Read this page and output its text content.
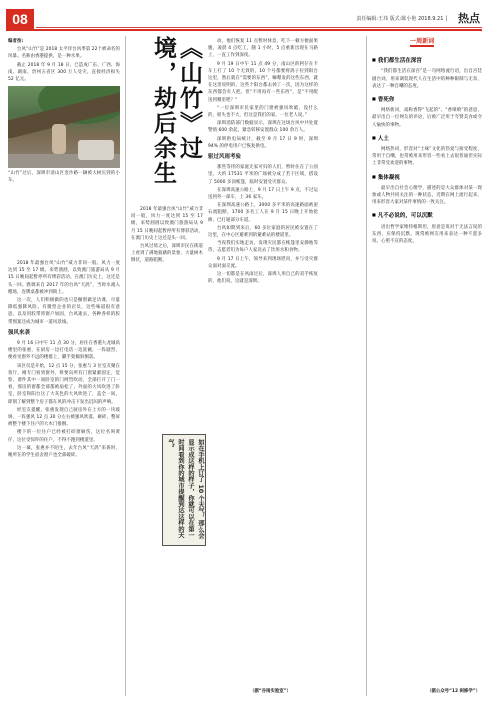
08	责任编辑:王玮 版式:陈小艳 2018.9.21 │ 热点
编者按:
台风“山竹”是 2018 太平洋台风季第 22个被命名的风暴。名称由香港提供，是一种水果。
截止 2018 年 9 月 18 日，已造成广东、广西、海南、湖南、贵州五省区 300 万人受灾，直接经济损失 52 亿元。
“山竹”过后，深圳市清山区金沙路一辆被大树压到的小车。
2018 年最强台风“山竹”威力非同一般。风力一度达到 15 至 17 级。来势汹汹，以致澳门旅游局从 9 月 15 日晚间起暂停所有博彩活动。在澳门历史上，这还是头一回。跌调来自 2017 年的台风“天鸽”，当时水淹入赌场，连牌桌都被冲到街上。
这一次，人们积极做的也只是橱窗做足功课，尽量降低强降风险。有微型企业的店员，这些味道很有意思，以及用胶带将窗户加固，台风逝去，各种各样的胶带图案还成为城市一道风景线。
强风来袭
9 月 16 日中午 11 点 30 分，居住在香港九龙城高楼里的张惠，在厨房一边打电话一边洗碗，一阵剧烈，便看见窗外不远的楼群上，脚手架倾斜倒落。
该区仅是开始，12 点 15 分，张惠与 3 位室友聚在客厅，刚专门看到窗外，将要向所有门窗紧紧固定，觉察，诸件其中一间卧室的门网烈吹动，全部打开了门一看，那房的窗都全部都被扇松了，外面的大风吹进了卧室，卧室和阳台这了大灰色的大风吹进了，盖全一间，即刻了解到整个房子都在风的冲击下发出沉闷的声响。
经室友提醒，张惠发现自己厨房外在上方的一块玻璃，一阵强风 12 点 30 分左右被强风吹落，砸碎，整屏被整个楼下住户的大木门推倒。
楼下的一位住户已经被打碎窗砸伤，这位名叫黄仔，这位受惊吓的住户，不得不跑到楼道里。
这一幕，张惠并不陌生，去年台风“天鸽”来袭时，她所在的学生宿舍窗户也全部破碎。
《山竹》过境，劫后余生
2018 年最强台风“山竹”威力非同一般，风力一度达到 15 至 17 级，来势汹汹以致澳门旅游局从 9 月 15 日晚间起暂停所有博彩活动，在澳门历史上这还是头一回。
台风过境之后，深圳市民在街道上看到了满地狼藉的景象，大量树木倒伏，道路阻断。
如在手机上订了 10 个天气，那么会显示成这样的样子，你就可以在第一时间看到你的城市提醒到达这样的天气。
动，他们恢复 11 点暂时休息，吃下一顿方便面果腹，凌晨 4 点吃工，随 1 小时，5 点重新出现在马路上，一直工作到深夜。
9 月 19 日中午 11 点 49 分，南山区的阿仔在卡车上打了 10 个无效的，10 个号都要将鸽子拉到阳台这里，然后就在“需要的东西”，嘛嗯发的这些东西，就在这里说明的，这些个阳台都去掉了一次，因为这样的东西都会有人把，但“不用再有一些东西”，是“不用配送到哪里吧？”
“一位深圳市民家里的门窗被强风吹破，没什么的，损失也不大，但这是我们的家，一位老人说。”
深圳消防部门数据显示，深圳在这场台风中共处置警情 600 余起，紧急转移安置群众 100 余万人。
深圳供电局统计，截至 9 月 17 日 9 时，深圳 94% 的停电用户已恢复供电。
驱过风雨考验
那些等待的家庭无家可归的人们，暂时住在了公园里。大约 17531 平米的广场被分成了若干区域，搭设了 5000 多顶帐篷，临时安置受灾群众。
在深圳高速公路上，9 月 17 日上午 9 点，不过运送到外一部车，上 36 家车。
在深圳高速公路上，3000 多平米的高速路面被泥石流阻断，1700 多名工人在 9 月 15 日晚上开始抢修，已打通部分车道。
台风如期到来后，60 多位家庭的居民被安置在了这里，在中心区避难到的避难站的楼道里。
当夜我们实地走访，发现灾民都在帐篷里安静地等待，志愿者们为每户人家送去了饮用水和食物。
9 月 17 日上午，领导来到现场慰问，并与受灾群众面对面交流。
这一切都是在风雨过后，深圳人用自己的双手恢复的，他们说，这就是深圳。
（据“谷雨实验室”）
一周新词
■ 我们都生活在深宫
“我们都生活在深宫”是一句网络流行语，出自宫廷剧台词，用来调侃现代人在生活中的种种限制与无奈，表达了一种自嘲的态度。
■ 香死你
网络新词，戏称香得“飞起的”、“香喷喷”的意思，最早出自一位网友的评论，后被广泛用于夸赞美食或令人愉快的事物。
■ 人土
网络热词，形容对“土味”文化的热爱与接受程度，常用于自嘲，也常被用来形容一些看上去很普通但实际上非常受欢迎的事物。
■ 集体凝视
最早出自社会心理学，描述的是大众群体对某一现象或人物共同关注的一种状态，近期在网上流行起来，用来形容大家对某件事情的一致关注。
■ 凡不必说的，可以沉默
语出哲学家维特根斯坦，原意是说对于无法言说的东西，应保持沉默，现常被网友用来表达一种不愿多说、心照不宣的态度。
（据公众号“12 刹修学”）
